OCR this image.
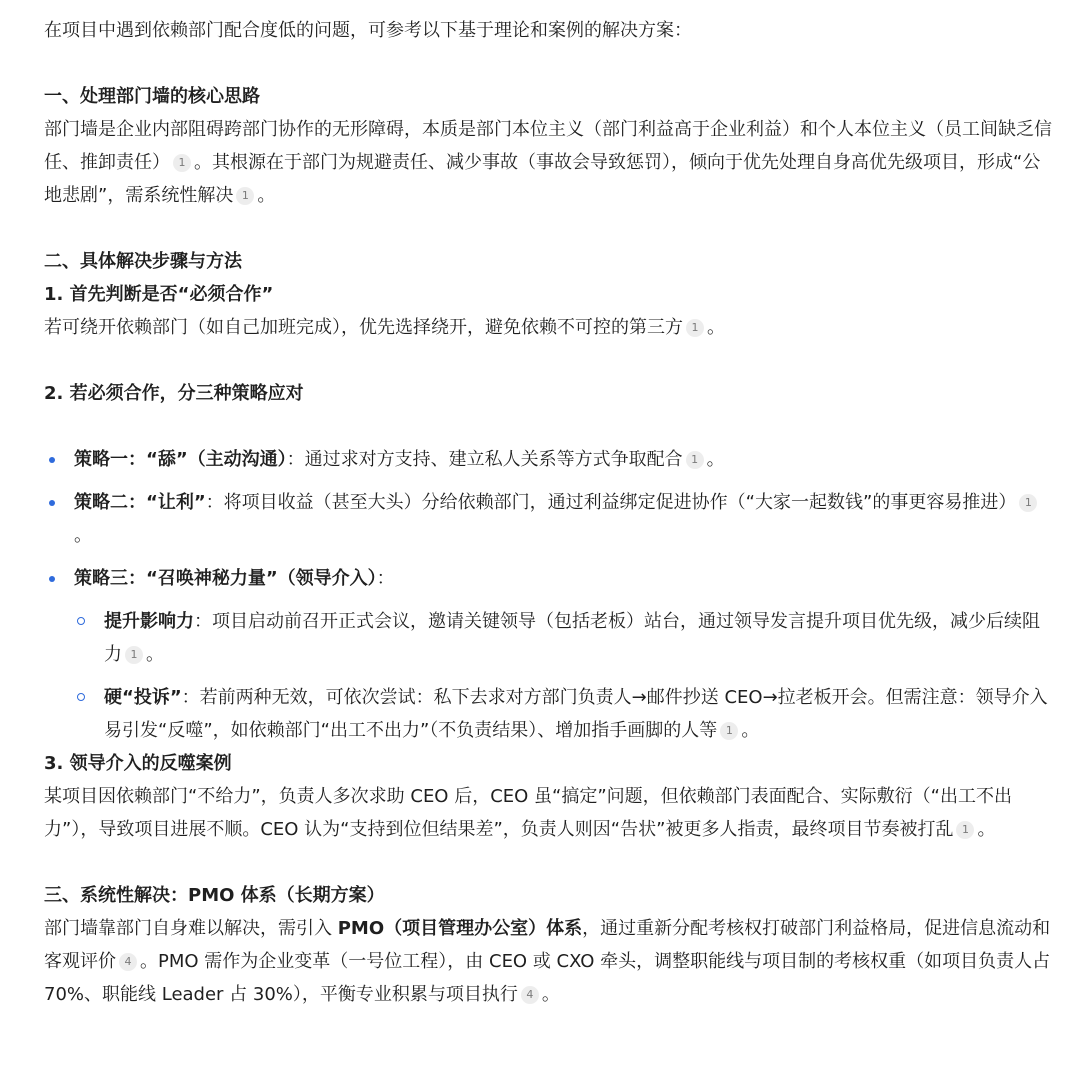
在项目中遇到依赖部门配合度低的问题，可参考以下基于理论和案例的解决方案：

一、处理部门墙的核心思路

部门墙是企业内部阻碍跨部门协作的无形障碍，本质是部门本位主义（部门利益高于企业利益）和个人本位主义（员工间缺乏信任、推卸责任） 1 。其根源在于部门为规避责任、减少事故（事故会导致惩罚），倾向于优先处理自身高优先级项目，形成“公地悲剧”，需系统性解决 1 。

二、具体解决步骤与方法
1. 首先判断是否“必须合作”

若可绕开依赖部门（如自己加班完成），优先选择绕开，避免依赖不可控的第三方 1 。

2. 若必须合作，分三种策略应对
策略一：“舔”（主动沟通）：通过求对方支持、建立私人关系等方式争取配合 1 。
策略二：“让利”：将项目收益（甚至大头）分给依赖部门，通过利益绑定促进协作（“大家一起数钱”的事更容易推进） 1。
策略三：“召唤神秘力量”（领导介入）：
提升影响力：项目启动前召开正式会议，邀请关键领导（包括老板）站台，通过领导发言提升项目优先级，减少后续阻力 1 。
硬“投诉”：若前两种无效，可依次尝试：私下去求对方部门负责人→邮件抄送 CEO→拉老板开会。但需注意：领导介入易引发“反噬”，如依赖部门“出工不出力”（不负责结果）、增加指手画脚的人等 1 。
3. 领导介入的反噬案例

某项目因依赖部门“不给力”，负责人多次求助 CEO 后，CEO 虽“搞定”问题，但依赖部门表面配合、实际敷衍（“出工不出力”），导致项目进展不顺。CEO 认为“支持到位但结果差”，负责人则因“告状”被更多人指责，最终项目节奏被打乱 1 。

三、系统性解决：PMO 体系（长期方案）

部门墙靠部门自身难以解决，需引入 PMO（项目管理办公室）体系，通过重新分配考核权打破部门利益格局，促进信息流动和客观评价 4 。PMO 需作为企业变革（一号位工程），由 CEO 或 CXO 牵头，调整职能线与项目制的考核权重（如项目负责人占 70%、职能线 Leader 占 30%），平衡专业积累与项目执行 4 。
